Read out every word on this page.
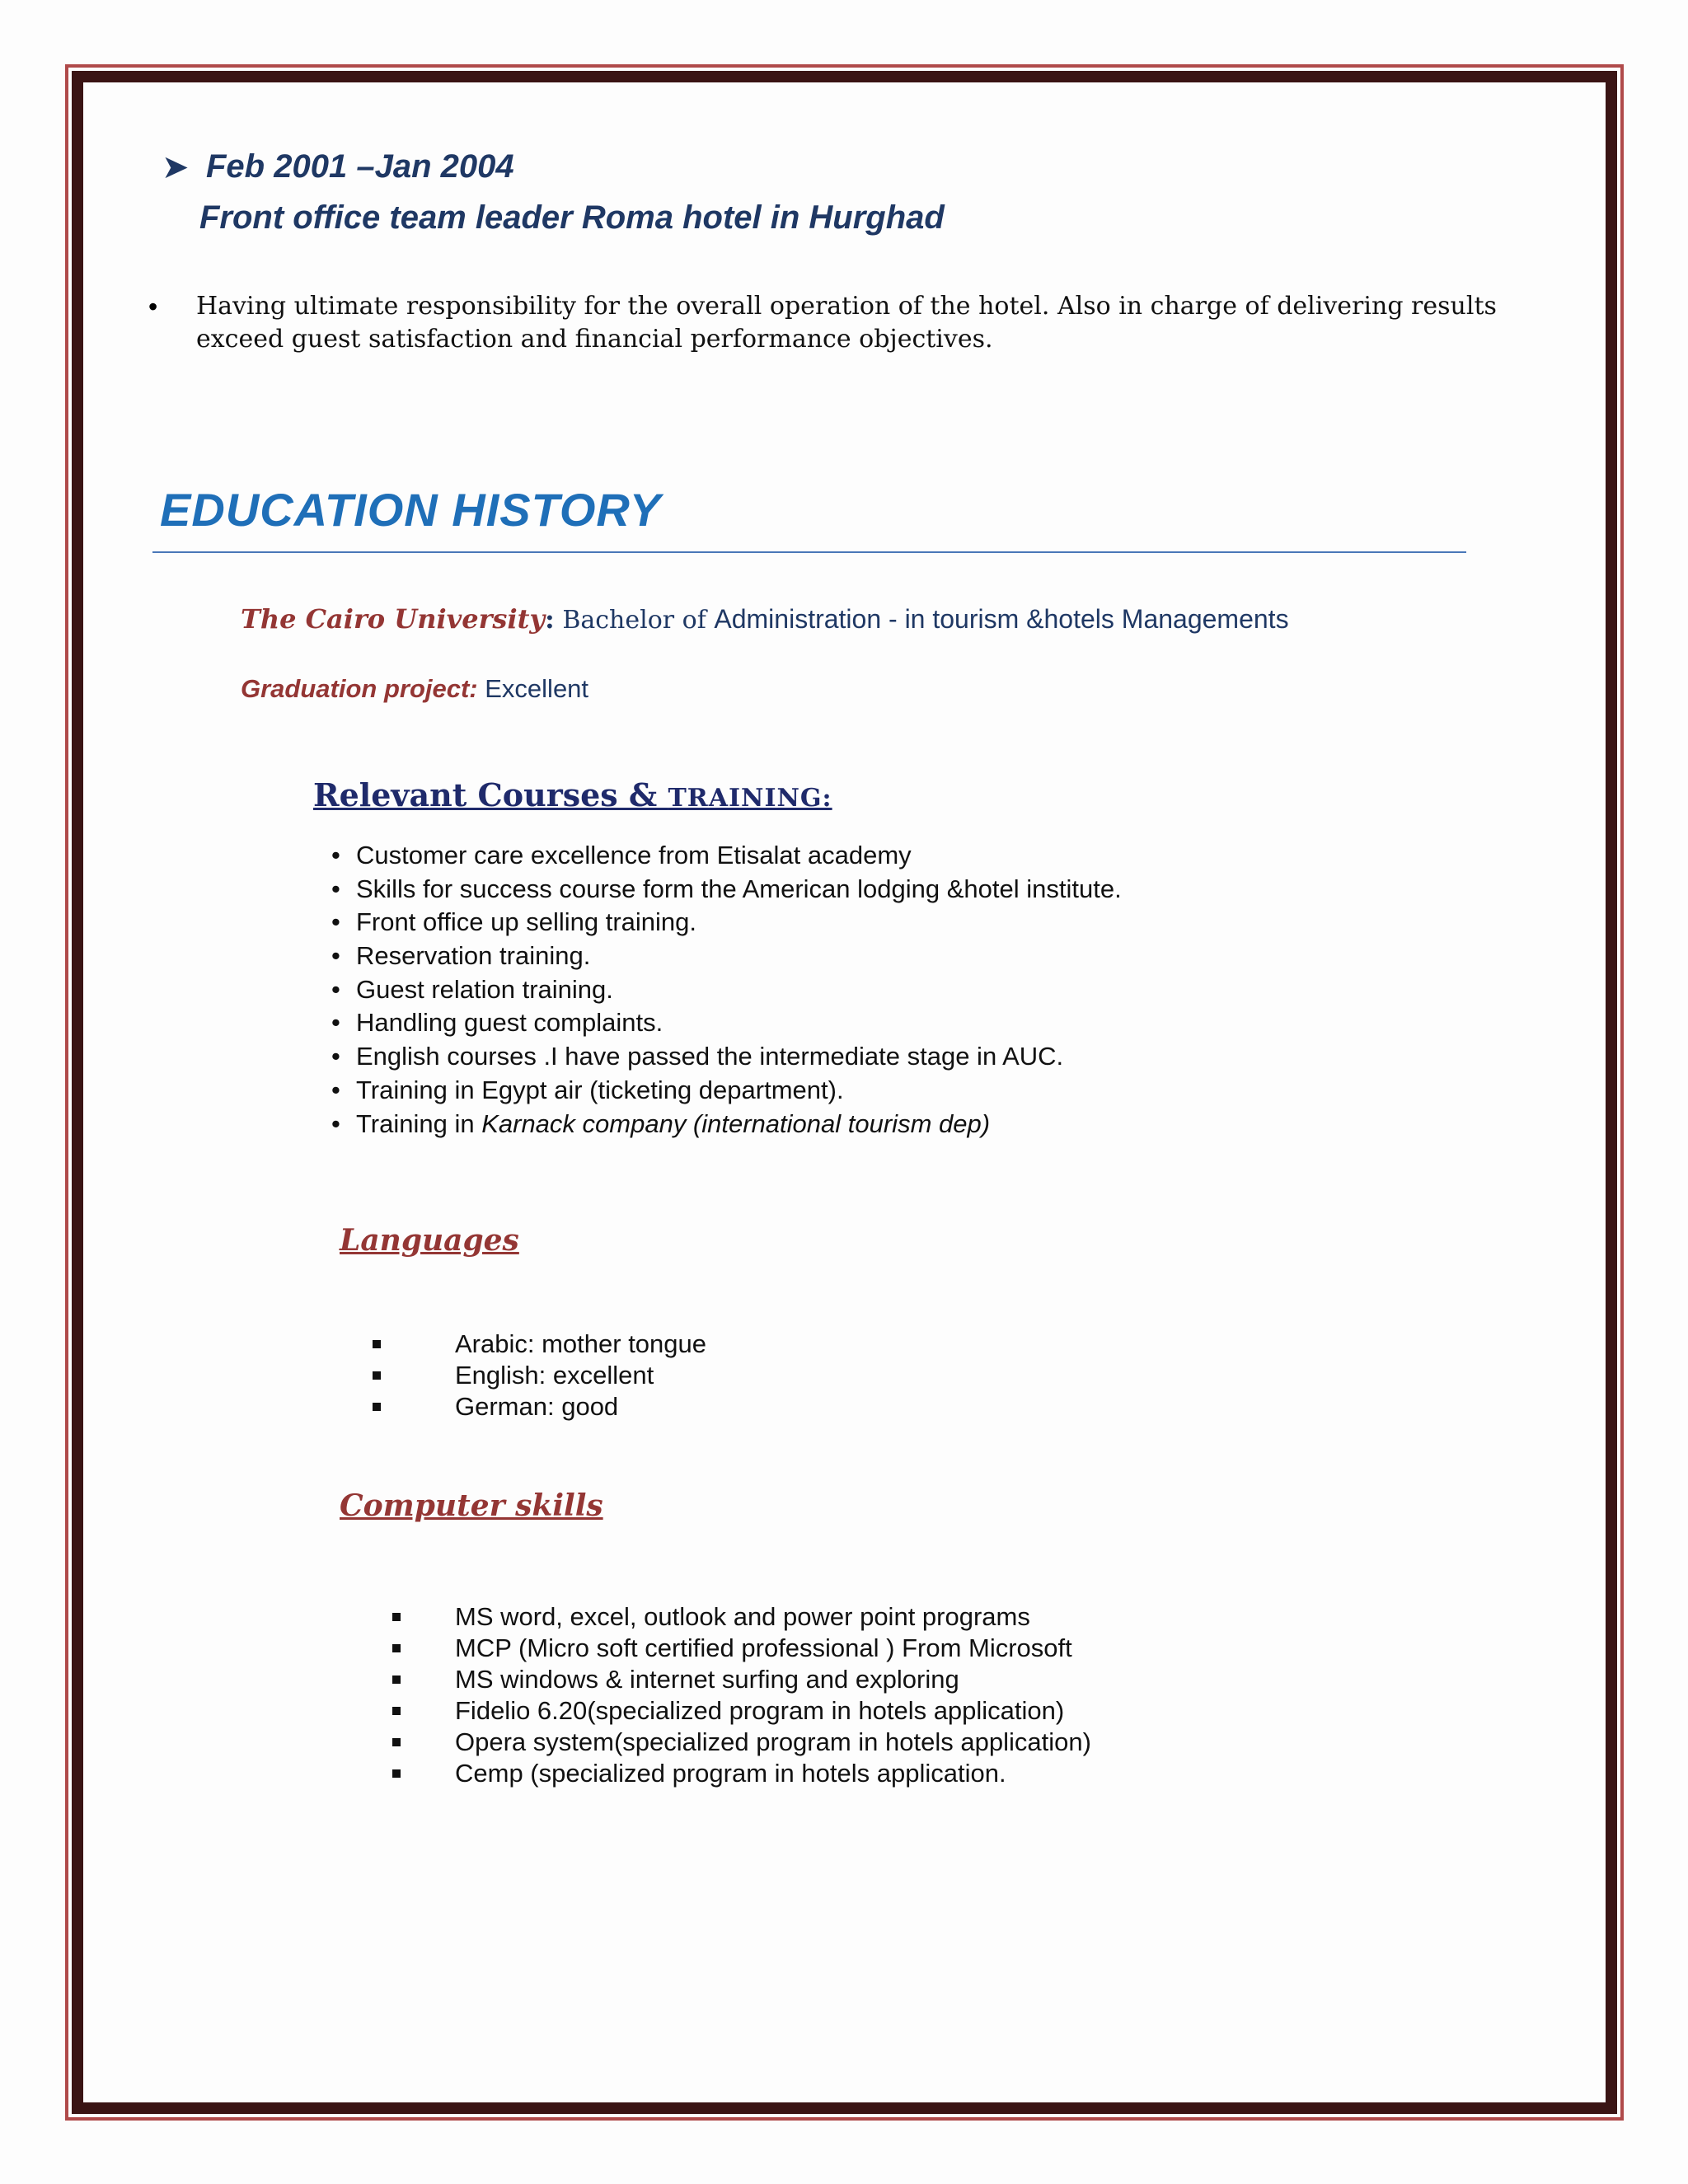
➤ Feb 2001 –Jan 2004
Front office team leader Roma hotel in Hurghad
• Having ultimate responsibility for the overall operation of the hotel. Also in charge of delivering results exceed guest satisfaction and financial performance objectives.
EDUCATION HISTORY
The Cairo University: Bachelor of Administration - in tourism &hotels Managements
Graduation project: Excellent
Relevant Courses & TRAINING:
• Customer care excellence from Etisalat academy
• Skills for success course form the American lodging &hotel institute.
• Front office up selling training.
• Reservation training.
• Guest relation training.
• Handling guest complaints.
• English courses .I have passed the intermediate stage in AUC.
• Training in Egypt air (ticketing department).
• Training in Karnack company (international tourism dep)
Languages
Arabic: mother tongue
English: excellent
German: good
Computer skills
MS word, excel, outlook and power point programs
MCP (Micro soft certified professional ) From Microsoft
MS windows & internet surfing and exploring
Fidelio 6.20(specialized program in hotels application)
Opera system(specialized program in hotels application)
Cemp (specialized program in hotels application.
